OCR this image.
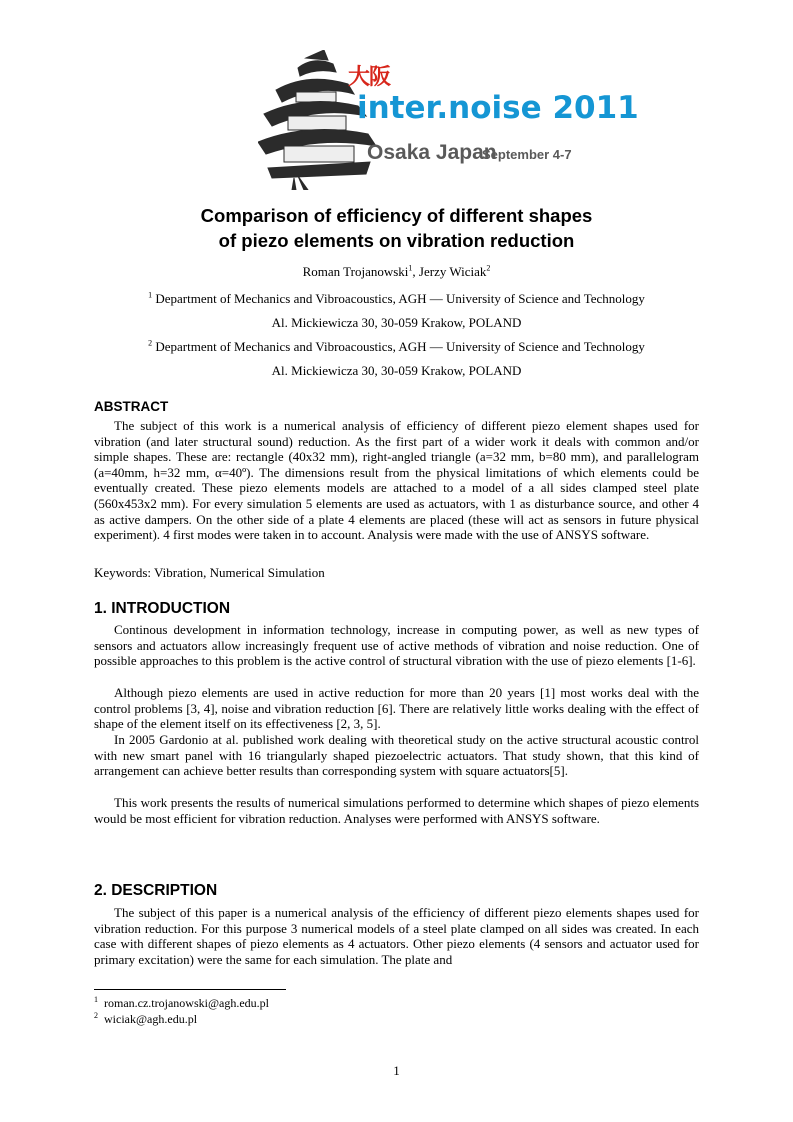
大阪
inter.noise 2011
Osaka Japan
September 4-7
Comparison of efficiency of different shapes
of piezo elements on vibration reduction
Roman Trojanowski$^1$, Jerzy Wiciak$^2$
$^1$ Department of Mechanics and Vibroacoustics, AGH — University of Science and Technology
Al. Mickiewicza 30, 30-059 Krakow, POLAND
$^2$ Department of Mechanics and Vibroacoustics, AGH — University of Science and Technology
Al. Mickiewicza 30, 30-059 Krakow, POLAND
ABSTRACT

The subject of this work is a numerical analysis of efficiency of different piezo element shapes used for vibration (and later structural sound) reduction. As the first part of a wider work it deals with common and/or simple shapes. These are: rectangle (40x32 mm), right-angled triangle (a=32 mm, b=80 mm), and parallelogram (a=40mm, h=32 mm, α=40º). The dimensions result from the physical limitations of which elements could be eventually created. These piezo elements models are attached to a model of a all sides clamped steel plate (560x453x2 mm). For every simulation 5 elements are used as actuators, with 1 as disturbance source, and other 4 as active dampers. On the other side of a plate 4 elements are placed (these will act as sensors in future physical experiment). 4 first modes were taken in to account. Analysis were made with the use of ANSYS software.

Keywords: Vibration, Numerical Simulation
1. INTRODUCTION

Continous development in information technology, increase in computing power, as well as new types of sensors and actuators allow increasingly frequent use of active methods of vibration and noise reduction. One of possible approaches to this problem is the active control of structural vibration with the use of piezo elements [1-6].

Although piezo elements are used in active reduction for more than 20 years [1] most works deal with the control problems [3, 4], noise and vibration reduction [6]. There are relatively little works dealing with the effect of shape of the element itself on its effectiveness [2, 3, 5].

In 2005 Gardonio at al. published work dealing with theoretical study on the active structural acoustic control with new smart panel with 16 triangularly shaped piezoelectric actuators. That study shown, that this kind of arrangement can achieve better results than corresponding system with square actuators[5].

This work presents the results of numerical simulations performed to determine which shapes of piezo elements would be most efficient for vibration reduction. Analyses were performed with ANSYS software.

2. DESCRIPTION

The subject of this paper is a numerical analysis of the efficiency of different piezo elements shapes used for vibration reduction. For this purpose 3 numerical models of a steel plate clamped on all sides was created. In each case with different shapes of piezo elements as 4 actuators. Other piezo elements (4 sensors and actuator used for primary excitation) were the same for each simulation. The plate and

$^1$ roman.cz.trojanowski@agh.edu.pl
$^2$ wiciak@agh.edu.pl
1
